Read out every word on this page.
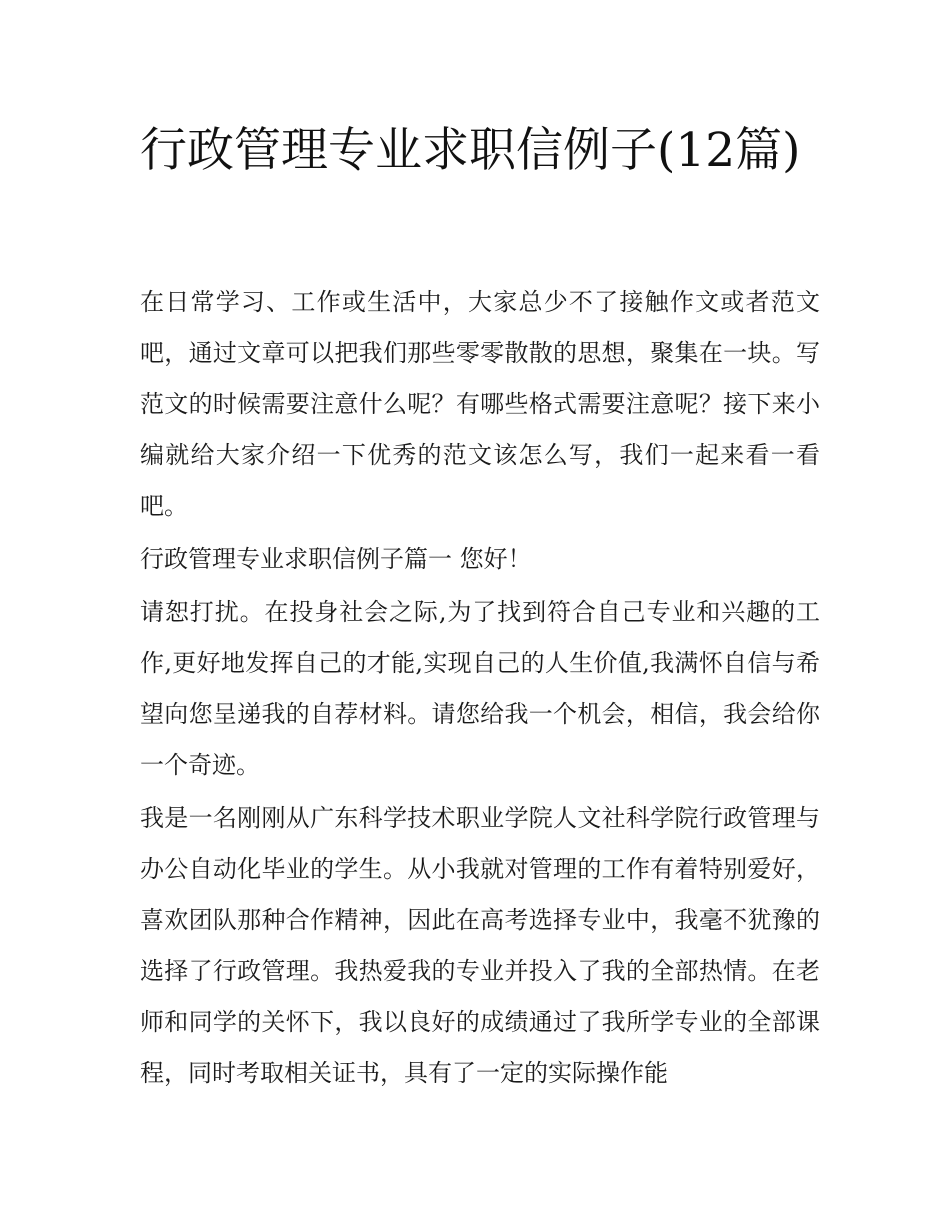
行政管理专业求职信例子(12篇)

在日常学习、工作或生活中，大家总少不了接触作文或者范文吧，通过文章可以把我们那些零零散散的思想，聚集在一块。写范文的时候需要注意什么呢？有哪些格式需要注意呢？接下来小编就给大家介绍一下优秀的范文该怎么写，我们一起来看一看吧。

行政管理专业求职信例子篇一 您好！

请恕打扰。在投身社会之际,为了找到符合自己专业和兴趣的工作,更好地发挥自己的才能,实现自己的人生价值,我满怀自信与希望向您呈递我的自荐材料。请您给我一个机会，相信，我会给你一个奇迹。

我是一名刚刚从广东科学技术职业学院人文社科学院行政管理与办公自动化毕业的学生。从小我就对管理的工作有着特别爱好，喜欢团队那种合作精神，因此在高考选择专业中，我毫不犹豫的选择了行政管理。我热爱我的专业并投入了我的全部热情。在老师和同学的关怀下，我以良好的成绩通过了我所学专业的全部课程，同时考取相关证书，具有了一定的实际操作能
